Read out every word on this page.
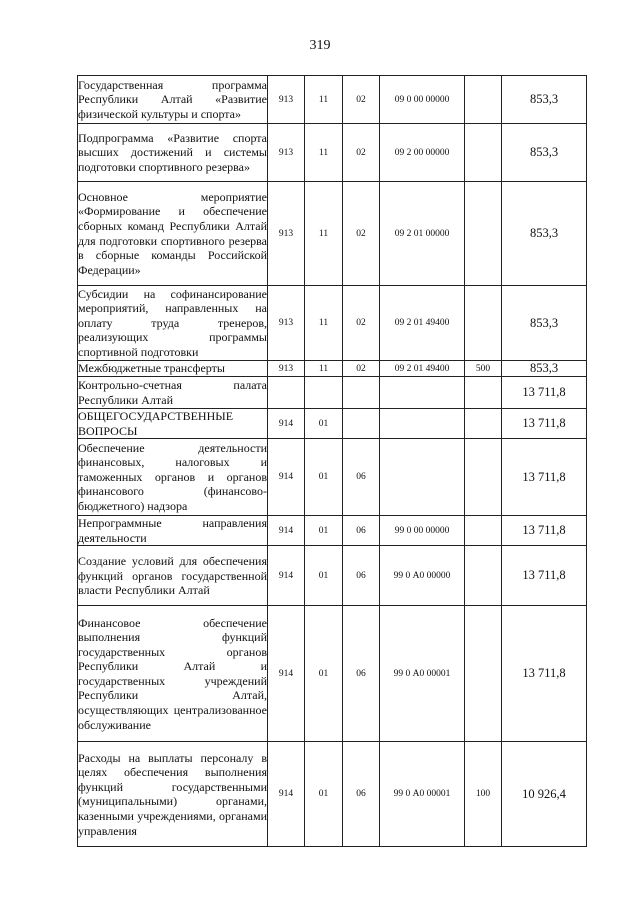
319
Государственная программа Республики Алтай «Развитие физической культуры и спорта»	913	11	02	09 0 00 00000		853,3
Подпрограмма «Развитие спорта высших достижений и системы подготовки спортивного резерва»	913	11	02	09 2 00 00000		853,3
Основное мероприятие «Формирование и обеспечение сборных команд Республики Алтай для подготовки спортивного резерва в сборные команды Российской Федерации»	913	11	02	09 2 01 00000		853,3
Субсидии на софинансирование мероприятий, направленных на оплату труда тренеров, реализующих программы спортивной подготовки	913	11	02	09 2 01 49400		853,3
Межбюджетные трансферты	913	11	02	09 2 01 49400	500	853,3
Контрольно-счетная палата Республики Алтай						13 711,8
ОБЩЕГОСУДАРСТВЕННЫЕ ВОПРОСЫ	914	01				13 711,8
Обеспечение деятельности финансовых, налоговых и таможенных органов и органов финансового (финансово-бюджетного) надзора	914	01	06			13 711,8
Непрограммные направления деятельности	914	01	06	99 0 00 00000		13 711,8
Создание условий для обеспечения функций органов государственной власти Республики Алтай	914	01	06	99 0 А0 00000		13 711,8
Финансовое обеспечение выполнения функций государственных органов Республики Алтай и государственных учреждений Республики Алтай, осуществляющих централизованное обслуживание	914	01	06	99 0 А0 00001		13 711,8
Расходы на выплаты персоналу в целях обеспечения выполнения функций государственными (муниципальными) органами, казенными учреждениями, органами управления	914	01	06	99 0 А0 00001	100	10 926,4
